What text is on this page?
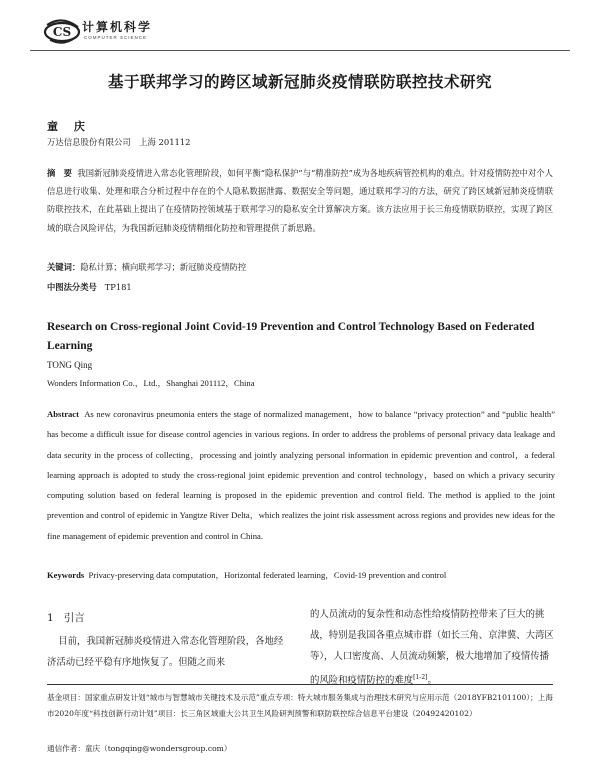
CS 计算机科学
COMPUTER SCIENCE
基于联邦学习的跨区域新冠肺炎疫情联防联控技术研究
童 庆
万达信息股份有限公司　上海 201112
摘　要 我国新冠肺炎疫情进入常态化管理阶段，如何平衡“隐私保护”与“精准防控”成为各地疾病管控机构的难点。针对疫情防控中对个人信息进行收集、处理和联合分析过程中存在的个人隐私数据泄露、数据安全等问题，通过联邦学习的方法，研究了跨区域新冠肺炎疫情联防联控技术，在此基础上提出了在疫情防控领域基于联邦学习的隐私安全计算解决方案。该方法应用于长三角疫情联防联控，实现了跨区域的联合风险评估，为我国新冠肺炎疫情精细化防控和管理提供了新思路。
关键词：隐私计算；横向联邦学习；新冠肺炎疫情防控
中图法分类号 TP181
Research on Cross-regional Joint Covid-19 Prevention and Control Technology Based on Federated Learning
TONG Qing
Wonders Information Co.，Ltd.，Shanghai 201112，China
Abstract As new coronavirus pneumonia enters the stage of normalized management，how to balance “privacy protection” and “public health” has become a difficult issue for disease control agencies in various regions. In order to address the problems of personal privacy data leakage and data security in the process of collecting，processing and jointly analyzing personal information in epidemic prevention and control，a federal learning approach is adopted to study the cross-regional joint epidemic prevention and control technology，based on which a privacy security computing solution based on federal learning is proposed in the epidemic prevention and control field. The method is applied to the joint prevention and control of epidemic in Yangtze River Delta，which realizes the joint risk assessment across regions and provides new ideas for the fine management of epidemic prevention and control in China.
Keywords Privacy-preserving data computation，Horizontal federated learning，Covid-19 prevention and control
1 引言
目前，我国新冠肺炎疫情进入常态化管理阶段，各地经济活动已经平稳有序地恢复了。但随之而来
的人员流动的复杂性和动态性给疫情防控带来了巨大的挑战，特别是我国各重点城市群（如长三角、京津冀、大湾区等），人口密度高、人员流动频繁，极大地增加了疫情传播的风险和疫情防控的难度[1-2]。
基金项目：国家重点研发计划“城市与智慧城市关键技术及示范”重点专项：特大城市服务集成与治理技术研究与应用示范（2018YFB2101100）；上海市2020年度“科技创新行动计划”项目：长三角区域重大公共卫生风险研判预警和联防联控综合信息平台建设（20492420102）
通信作者：童庆（tongqing@wondersgroup.com）
